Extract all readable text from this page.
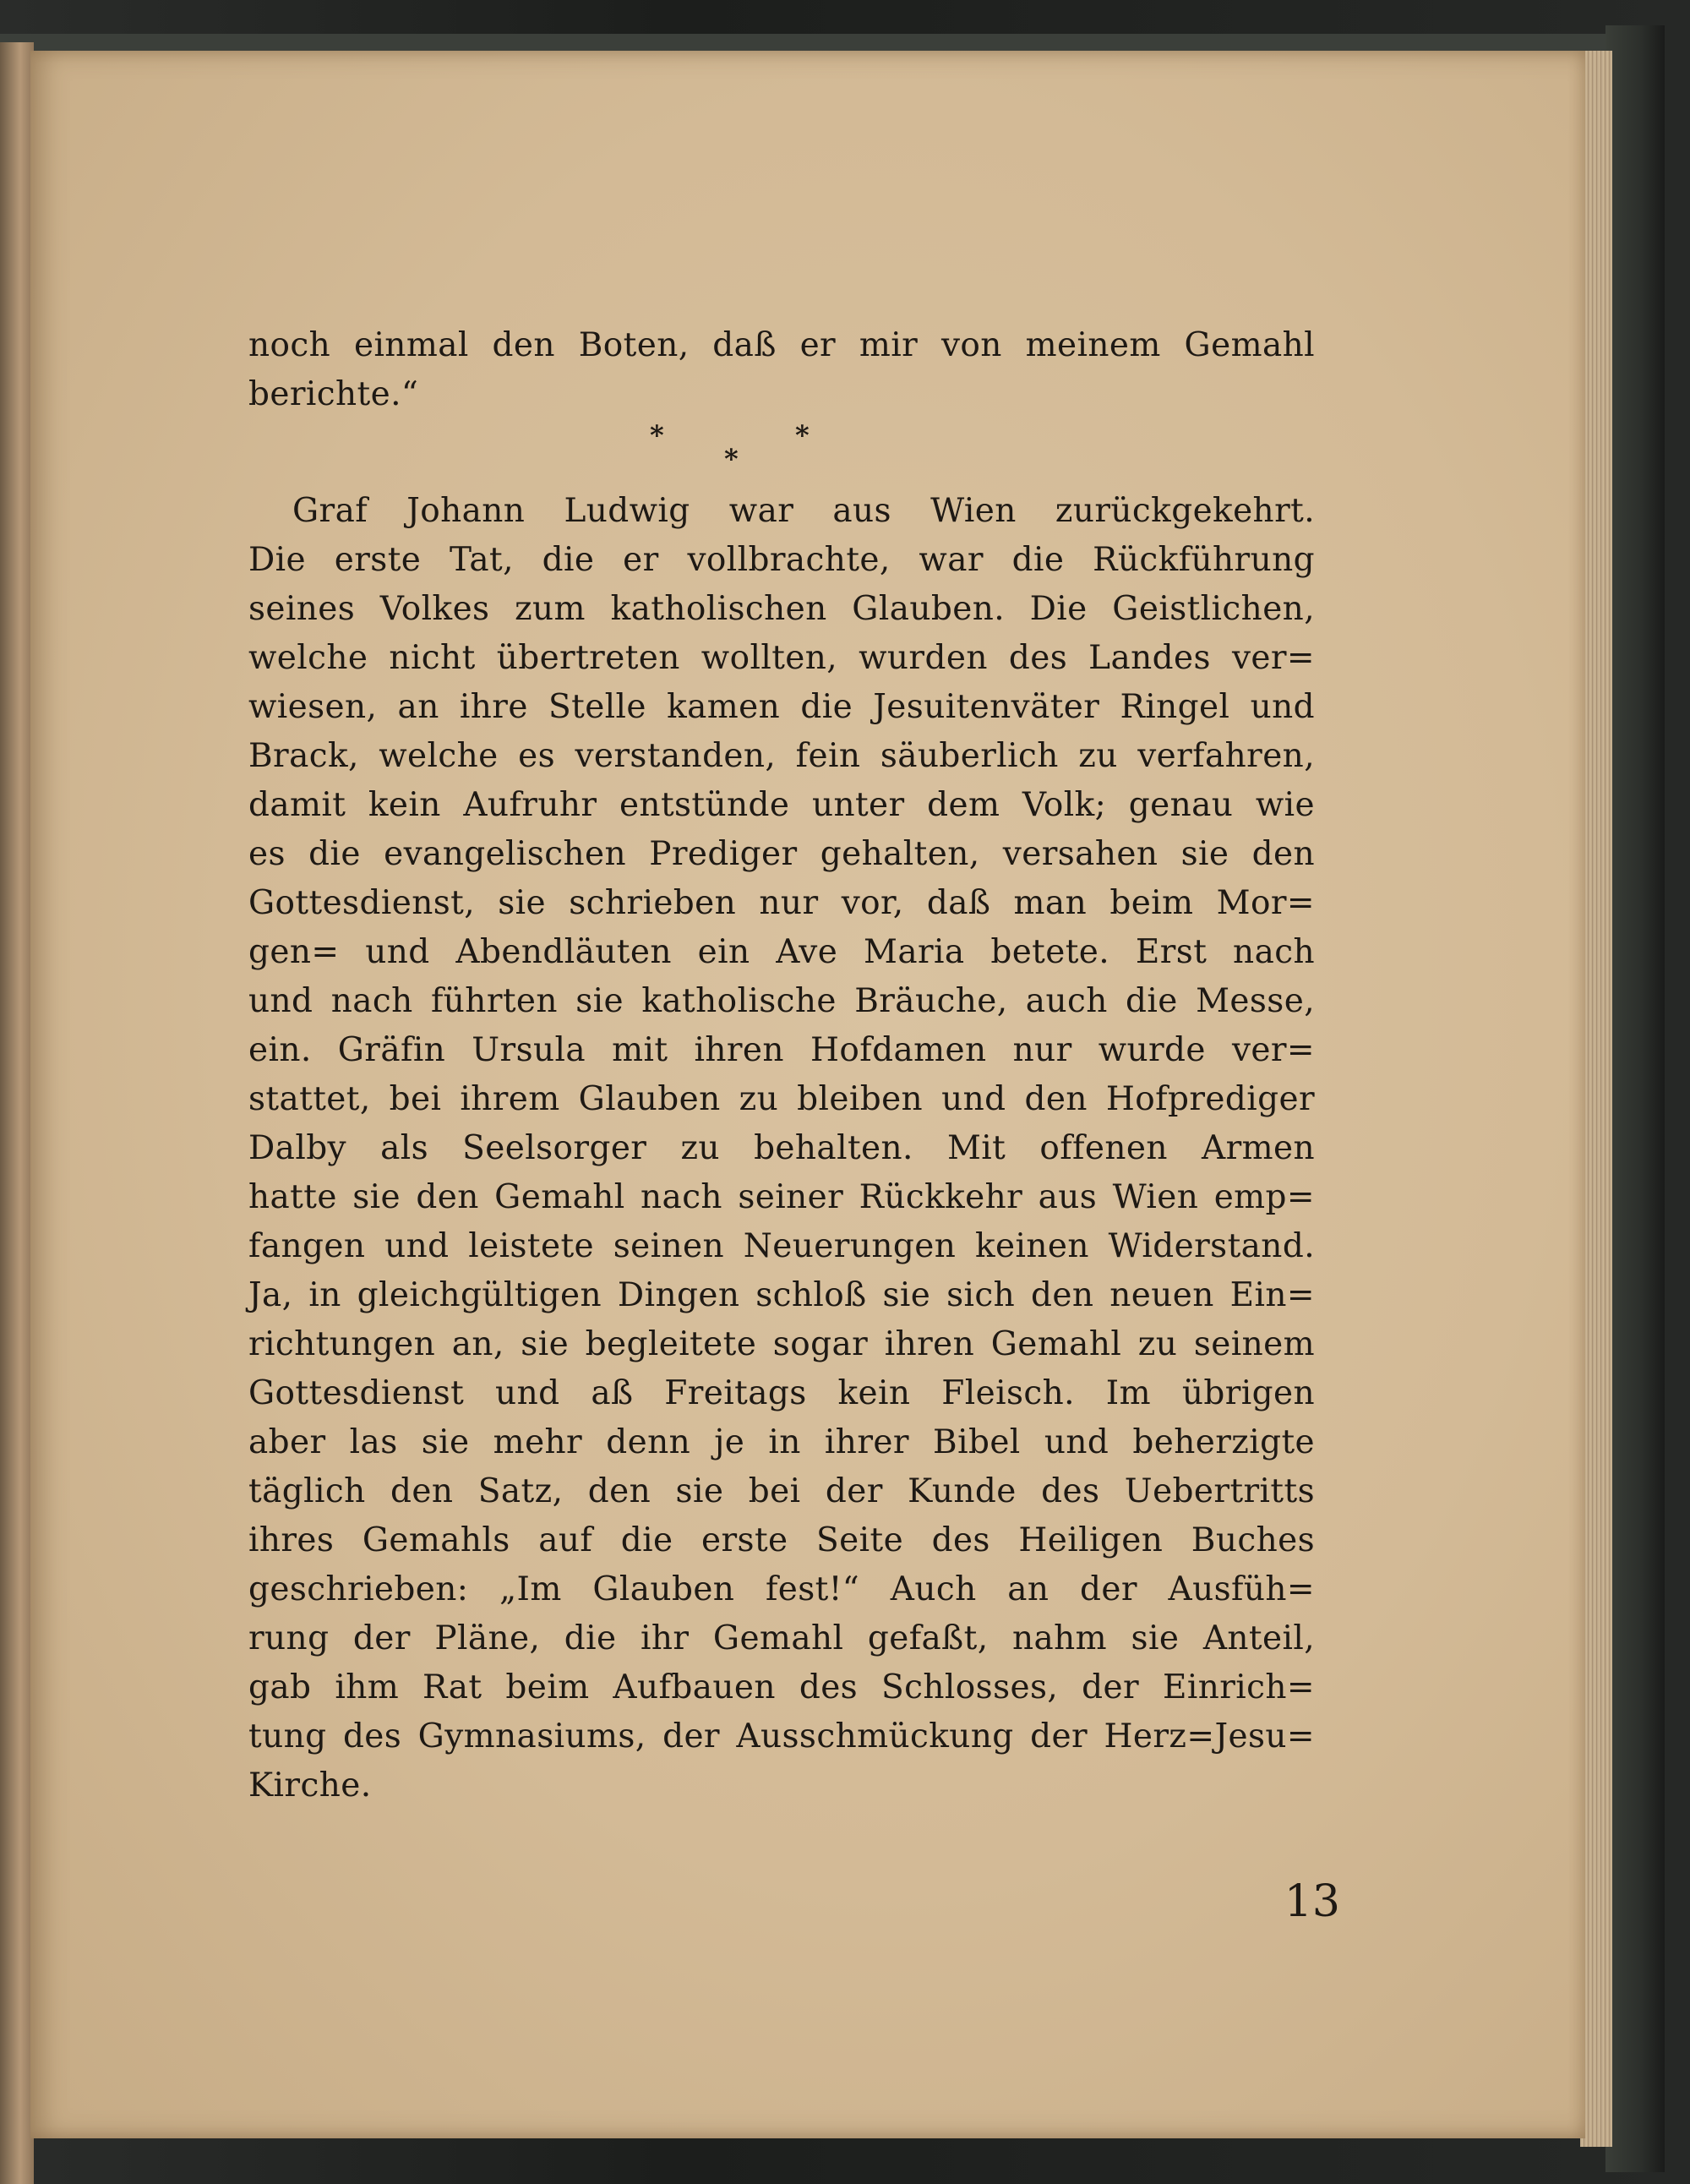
noch einmal den Boten, daß er mir von meinem Gemahl
berichte.“
*
*
*
Graf Johann Ludwig war aus Wien zurückgekehrt.
Die erste Tat, die er vollbrachte, war die Rückführung
seines Volkes zum katholischen Glauben. Die Geistlichen,
welche nicht übertreten wollten, wurden des Landes ver=
wiesen, an ihre Stelle kamen die Jesuitenväter Ringel und
Brack, welche es verstanden, fein säuberlich zu verfahren,
damit kein Aufruhr entstünde unter dem Volk; genau wie
es die evangelischen Prediger gehalten, versahen sie den
Gottesdienst, sie schrieben nur vor, daß man beim Mor=
gen= und Abendläuten ein Ave Maria betete. Erst nach
und nach führten sie katholische Bräuche, auch die Messe,
ein. Gräfin Ursula mit ihren Hofdamen nur wurde ver=
stattet, bei ihrem Glauben zu bleiben und den Hofprediger
Dalby als Seelsorger zu behalten. Mit offenen Armen
hatte sie den Gemahl nach seiner Rückkehr aus Wien emp=
fangen und leistete seinen Neuerungen keinen Widerstand.
Ja, in gleichgültigen Dingen schloß sie sich den neuen Ein=
richtungen an, sie begleitete sogar ihren Gemahl zu seinem
Gottesdienst und aß Freitags kein Fleisch. Im übrigen
aber las sie mehr denn je in ihrer Bibel und beherzigte
täglich den Satz, den sie bei der Kunde des Uebertritts
ihres Gemahls auf die erste Seite des Heiligen Buches
geschrieben: „Im Glauben fest!“ Auch an der Ausfüh=
rung der Pläne, die ihr Gemahl gefaßt, nahm sie Anteil,
gab ihm Rat beim Aufbauen des Schlosses, der Einrich=
tung des Gymnasiums, der Ausschmückung der Herz=Jesu=
Kirche.
13
